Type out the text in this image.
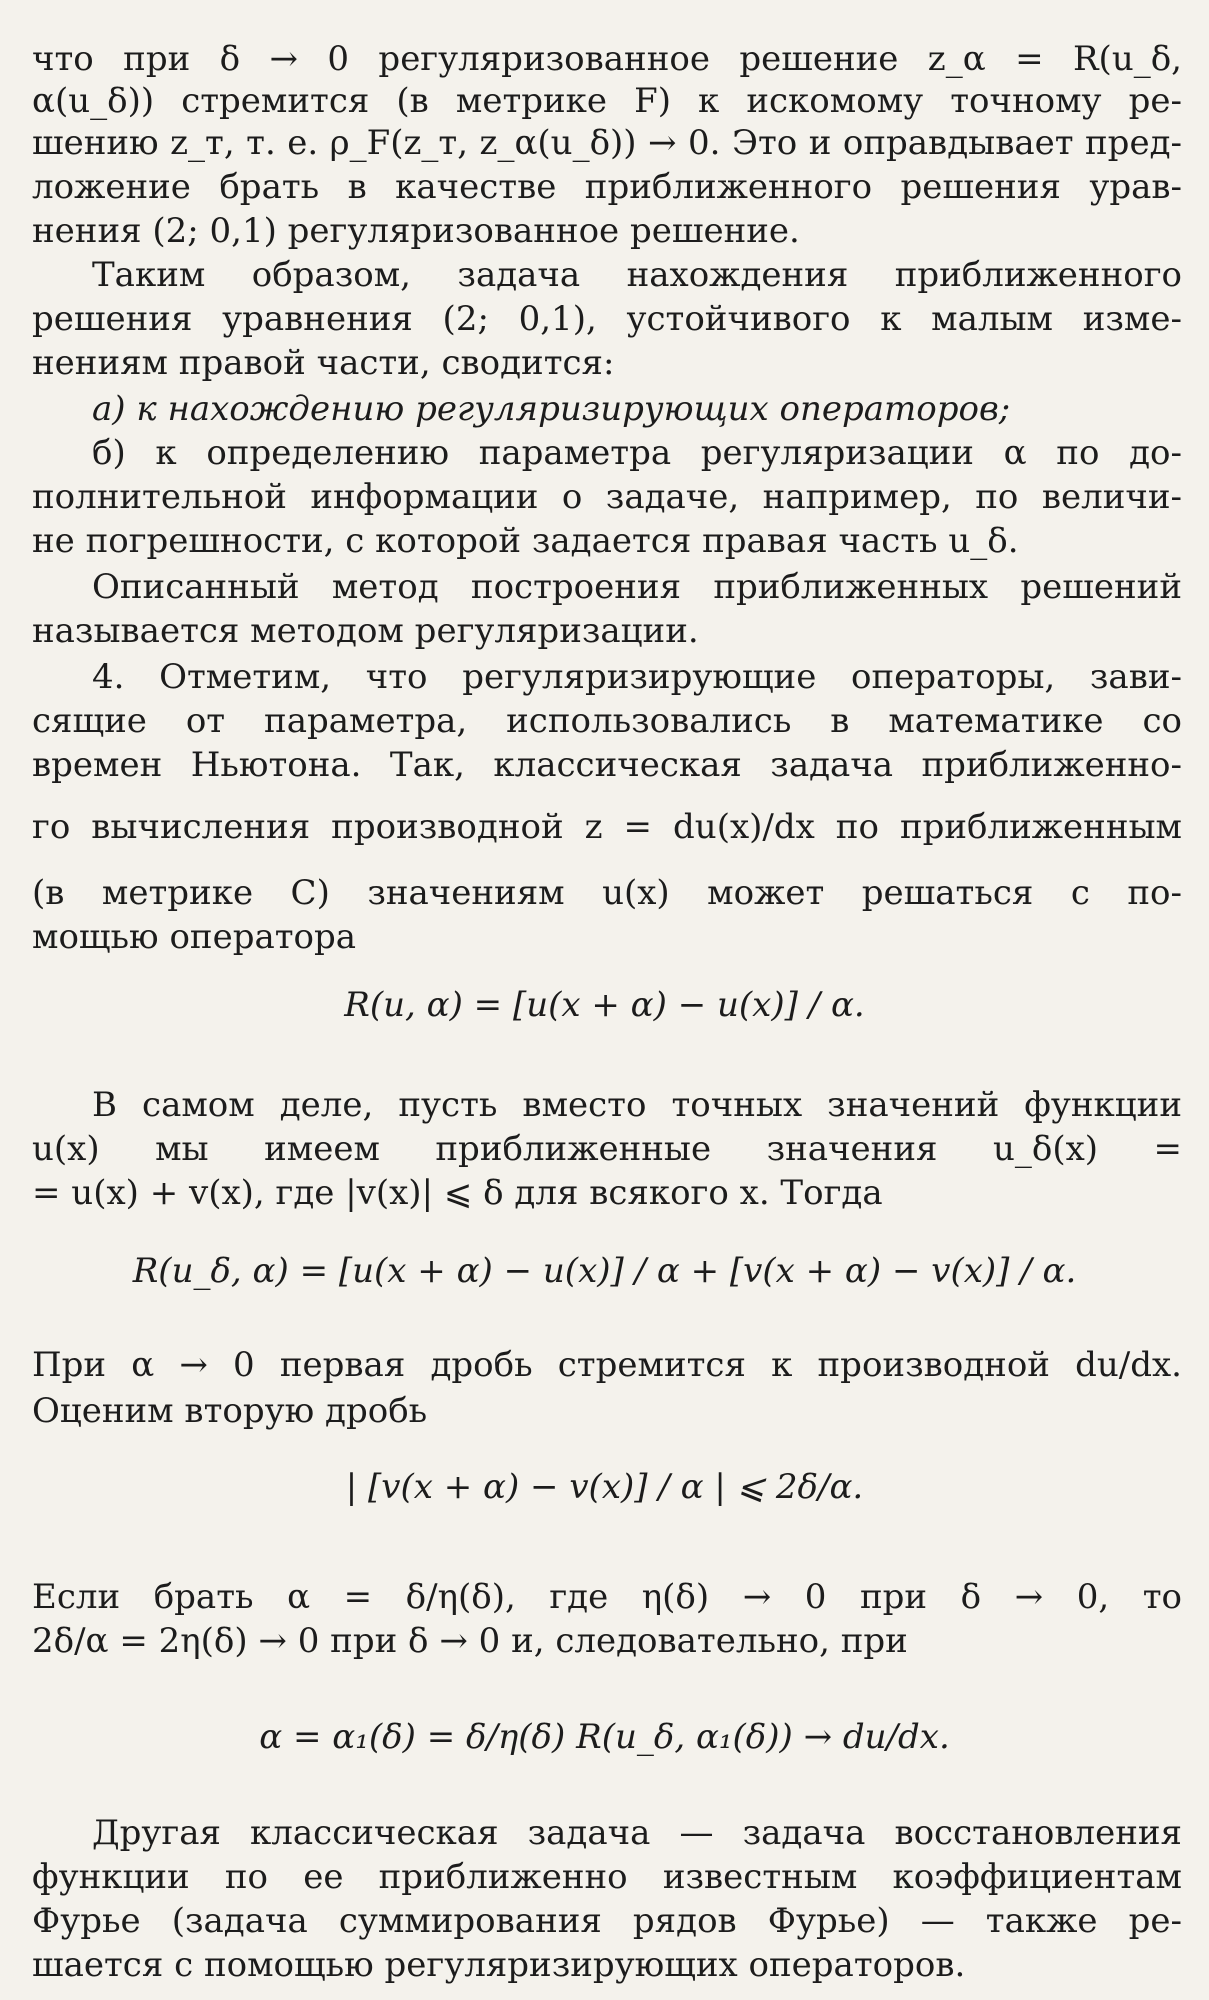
что при δ → 0 регуляризованное решение z_α = R(u_δ,
α(u_δ)) стремится (в метрике F) к искомому точному ре-
шению z_т, т. е. ρ_F(z_т, z_α(u_δ)) → 0. Это и оправдывает пред-
ложение брать в качестве приближенного решения урав-
нения (2; 0,1) регуляризованное решение.
Таким образом, задача нахождения приближенного
решения уравнения (2; 0,1), устойчивого к малым изме-
нениям правой части, сводится:
а) к нахождению регуляризирующих операторов;
б) к определению параметра регуляризации α по до-
полнительной информации о задаче, например, по величи-
не погрешности, с которой задается правая часть u_δ.
Описанный метод построения приближенных решений
называется методом регуляризации.
4. Отметим, что регуляризирующие операторы, зави-
сящие от параметра, использовались в математике со
времен Ньютона. Так, классическая задача приближенно-
го вычисления производной z = du(x)/dx по приближенным
(в метрике C) значениям u(x) может решаться с по-
мощью оператора
R(u, α) = [u(x + α) − u(x)] / α.
В самом деле, пусть вместо точных значений функции
u(x) мы имеем приближенные значения u_δ(x) =
= u(x) + v(x), где |v(x)| ⩽ δ для всякого x. Тогда
R(u_δ, α) = [u(x + α) − u(x)] / α + [v(x + α) − v(x)] / α.
При α → 0 первая дробь стремится к производной du/dx.
Оценим вторую дробь
| [v(x + α) − v(x)] / α | ⩽ 2δ/α.
Если брать α = δ/η(δ), где η(δ) → 0 при δ → 0, то
2δ/α = 2η(δ) → 0 при δ → 0 и, следовательно, при
α = α₁(δ) = δ/η(δ) R(u_δ, α₁(δ)) → du/dx.
Другая классическая задача — задача восстановления
функции по ее приближенно известным коэффициентам
Фурье (задача суммирования рядов Фурье) — также ре-
шается с помощью регуляризирующих операторов.
